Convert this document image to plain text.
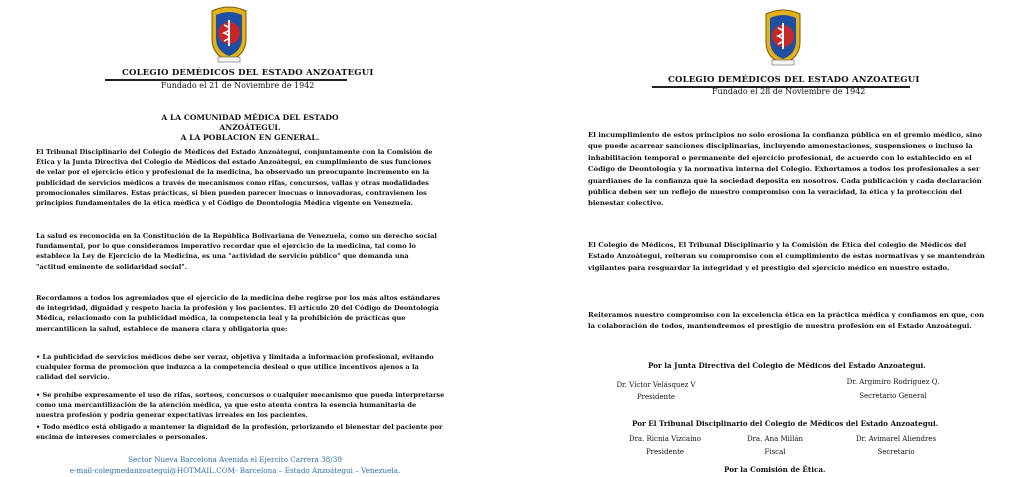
COLEGIO DEMÉDICOS DEL ESTADO ANZOATEGUI
Fundado el 21 de Noviembre de 1942
A LA COMUNIDAD MÉDICA DEL ESTADO
ANZOÁTEGUI.
A LA POBLACION EN GENERAL.

El Tribunal Disciplinario del Colegio de Médicos del Estado Anzoátegui, conjuntamente con la Comisión de Ética y la Junta Directiva del Colegio de Médicos del estado Anzoátegui, en cumplimiento de sus funciones de velar por el ejercicio ético y profesional de la medicina, ha observado un preocupante incremento en la publicidad de servicios médicos a través de mecanismos como rifas, concursos, vallas y otras modalidades promocionales similares. Estas prácticas, si bien pueden parecer inocuas o innovadoras, contravienen los principios fundamentales de la ética médica y el Código de Deontología Médica vigente en Venezuela.

La salud es reconocida en la Constitución de la República Bolivariana de Venezuela, como un derecho social fundamental, por lo que consideramos imperativo recordar que el ejercicio de la medicina, tal como lo establece la Ley de Ejercicio de la Medicina, es una "actividad de servicio público" que demanda una "actitud eminente de solidaridad social".

Recordamos a todos los agremiados que el ejercicio de la medicina debe regirse por los más altos estándares de integridad, dignidad y respeto hacia la profesión y los pacientes. El artículo 20 del Código de Deontología Médica, relacionado con la publicidad médica, la competencia leal y la prohibición de prácticas que mercantilicen la salud, establece de manera clara y obligatoria que:

• La publicidad de servicios médicos debe ser veraz, objetiva y limitada a información profesional, evitando cualquier forma de promoción que induzca a la competencia desleal o que utilice incentivos ajenos a la calidad del servicio.

• Se prohíbe expresamente el uso de rifas, sorteos, concursos o cualquier mecanismo que pueda interpretarse como una mercantilización de la atención médica, ya que esto atenta contra la esencia humanitaria de nuestra profesión y podría generar expectativas irreales en los pacientes.

• Todo médico está obligado a mantener la dignidad de la profesión, priorizando el bienestar del paciente por encima de intereses comerciales o personales.

Sector Nueva Barcelona Avenida el Ejercito Carrera 38/39
e-mail-colegmedanzoategui@HOTMAIL.COM- Barcelona – Estado Anzoátegui – Venezuela.
COLEGIO DEMÉDICOS DEL ESTADO ANZOATEGUI
Fundado el 28 de Noviembre de 1942

El incumplimiento de estos principios no solo erosiona la confianza pública en el gremio médico, sino que puede acarrear sanciones disciplinarias, incluyendo amonestaciones, suspensiones o incluso la inhabilitación temporal o permanente del ejercicio profesional, de acuerdo con lo establecido en el Código de Deontología y la normativa interna del Colegio. Exhortamos a todos los profesionales a ser guardianes de la confianza que la sociedad deposita en nosotros. Cada publicación y cada declaración pública deben ser un reflejo de nuestro compromiso con la veracidad, la ética y la protección del bienestar colectivo.

El Colegio de Médicos, El Tribunal Disciplinario y la Comisión de Ética del colegio de Médicos del Estado Anzoátegui, reiteran su compromiso con el cumplimiento de estas normativas y se mantendrán vigilantes para resguardar la integridad y el prestigio del ejercicio médico en nuestro estado.

Reiteramos nuestro compromiso con la excelencia ética en la práctica médica y confiamos en que, con la colaboración de todos, mantendremos el prestigio de nuestra profesión en el Estado Anzoátegui.

Por la Junta Directiva del Colegio de Médicos del Estado Anzoategui.
Dr. Víctor Velásquez V
Presidente
Dr. Argimiro Rodríguez Q.
Secretario General
Por El Tribunal Disciplinario del Colegio de Médicos del Estado Anzoategui.
Dra. Ricnia Vizcaíno
Presidente
Dra. Ana Millán
Fiscal
Dr. Avimarel Aliendres
Secretario
Por la Comisión de Ética.
